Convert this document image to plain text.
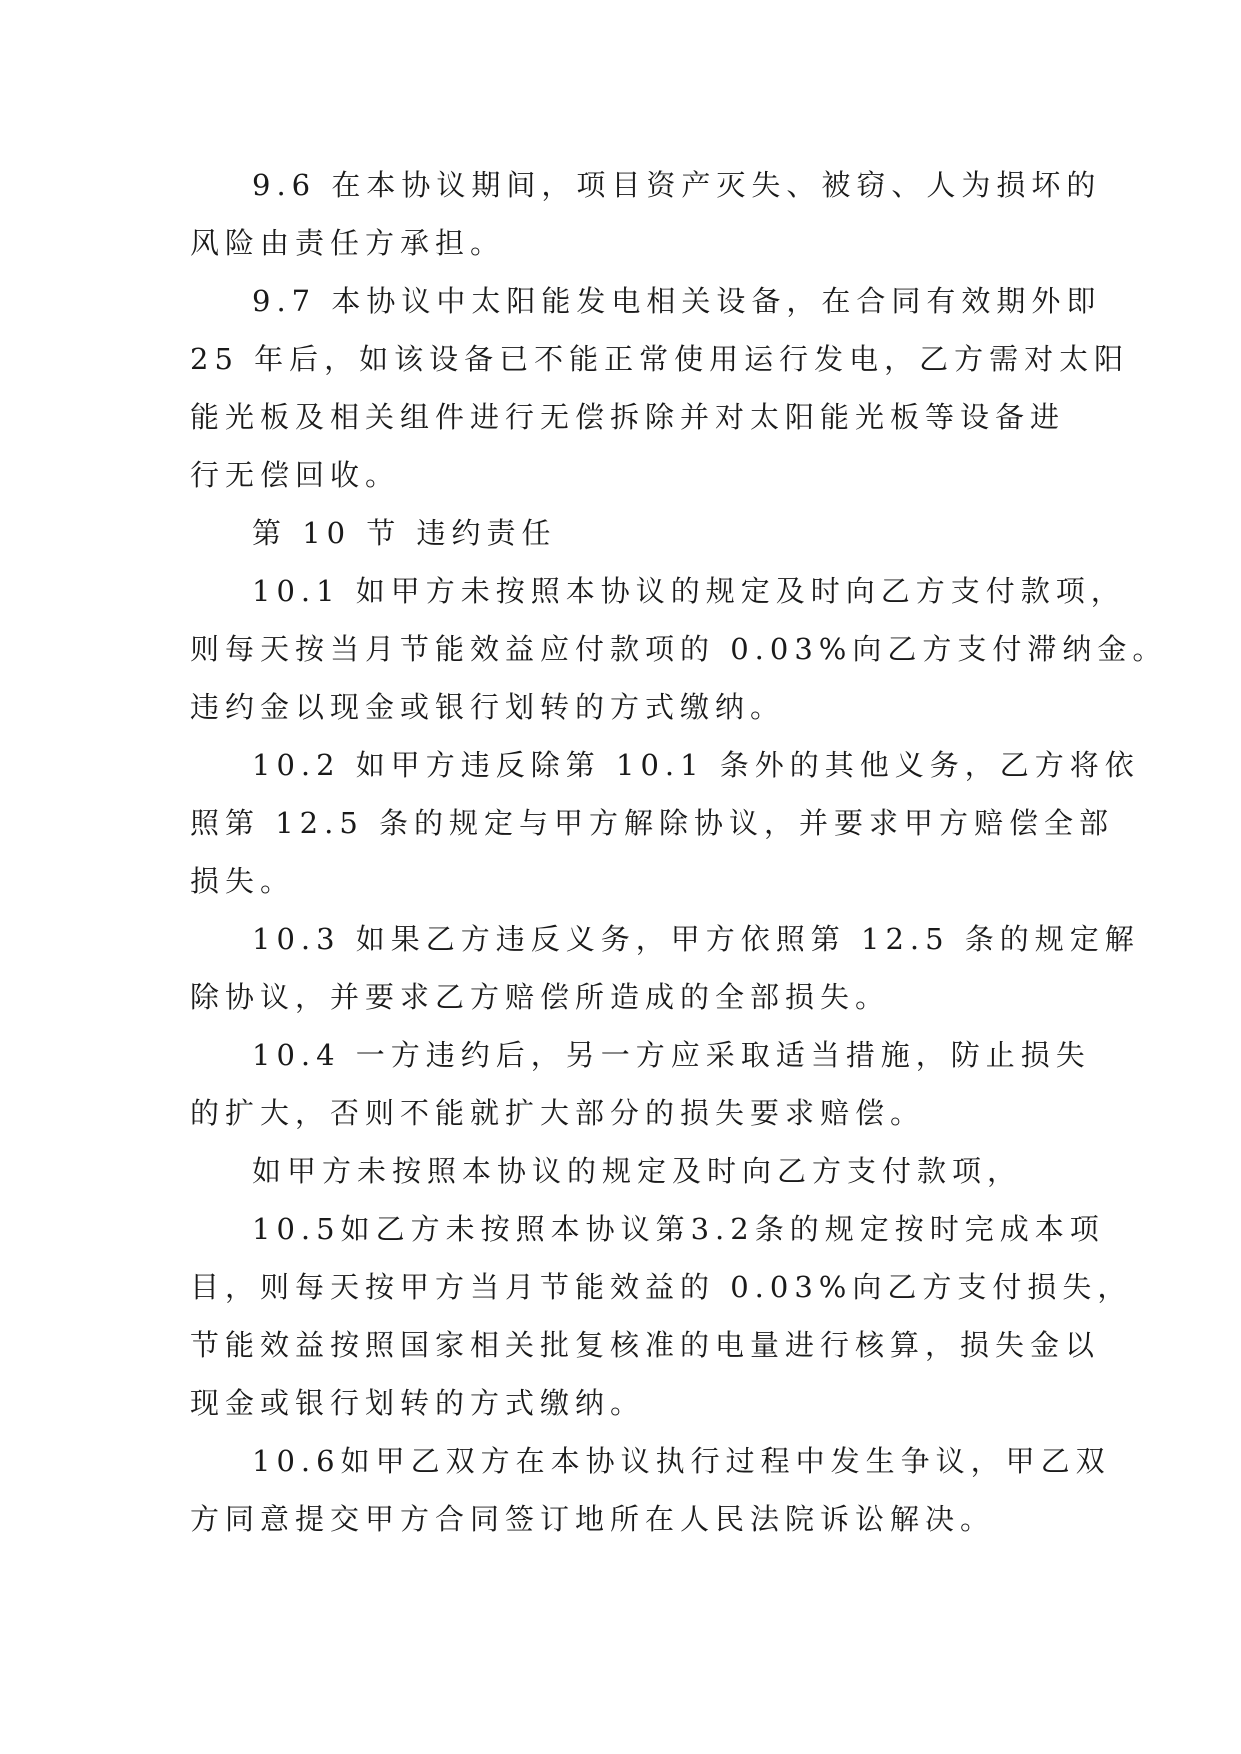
9.6 在本协议期间，项目资产灭失、被窃、人为损坏的
风险由责任方承担。
9.7 本协议中太阳能发电相关设备，在合同有效期外即
25 年后，如该设备已不能正常使用运行发电，乙方需对太阳
能光板及相关组件进行无偿拆除并对太阳能光板等设备进
行无偿回收。
第 10 节 违约责任
10.1 如甲方未按照本协议的规定及时向乙方支付款项，
则每天按当月节能效益应付款项的 0.03%向乙方支付滞纳金。
违约金以现金或银行划转的方式缴纳。
10.2 如甲方违反除第 10.1 条外的其他义务，乙方将依
照第 12.5 条的规定与甲方解除协议，并要求甲方赔偿全部
损失。
10.3 如果乙方违反义务，甲方依照第 12.5 条的规定解
除协议，并要求乙方赔偿所造成的全部损失。
10.4 一方违约后，另一方应采取适当措施，防止损失
的扩大，否则不能就扩大部分的损失要求赔偿。
如甲方未按照本协议的规定及时向乙方支付款项，
10.5如乙方未按照本协议第3.2条的规定按时完成本项
目，则每天按甲方当月节能效益的 0.03%向乙方支付损失，
节能效益按照国家相关批复核准的电量进行核算，损失金以
现金或银行划转的方式缴纳。
10.6如甲乙双方在本协议执行过程中发生争议，甲乙双
方同意提交甲方合同签订地所在人民法院诉讼解决。
